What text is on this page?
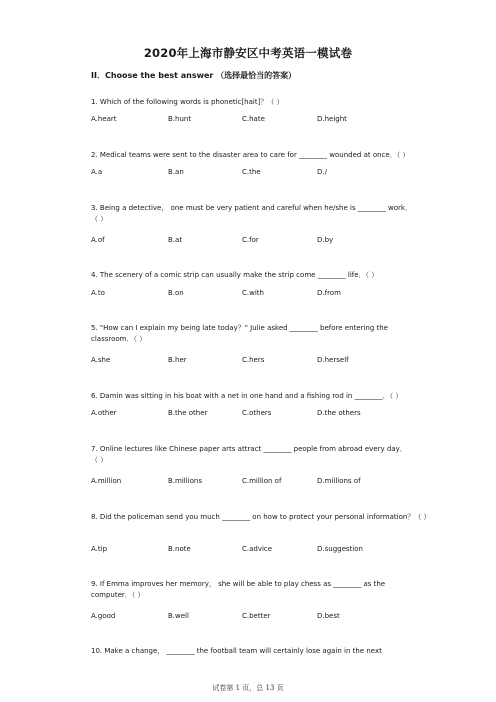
2020年上海市静安区中考英语一模试卷
II．Choose the best answer （选择最恰当的答案）
1. Which of the following words is phonetic[hait]？（ ）
A.heart	B.hunt	C.hate	D.height
2. Medical teams were sent to the disaster area to care for ________ wounded at once．（ ）
A.a	B.an	C.the	D./
3. Being a detective， one must be very patient and careful when he/she is ________ work．（ ）
A.of	B.at	C.for	D.by
4. The scenery of a comic strip can usually make the strip come ________ life．（ ）
A.to	B.on	C.with	D.from
5. "How can I explain my being late today？" Julie asked ________ before entering the classroom．（ ）
A.she	B.her	C.hers	D.herself
6. Damin was sitting in his boat with a net in one hand and a fishing rod in ________．（ ）
A.other	B.the other	C.others	D.the others
7. Online lectures like Chinese paper arts attract ________ people from abroad every day．（ ）
A.million	B.millions	C.million of	D.millions of
8. Did the policeman send you much ________ on how to protect your personal information？（ ）
A.tip	B.note	C.advice	D.suggestion
9. If Emma improves her memory， she will be able to play chess as ________ as the computer．（ ）
A.good	B.well	C.better	D.best
10. Make a change， ________ the football team will certainly lose again in the next
试卷第 1 页，总 13 页
